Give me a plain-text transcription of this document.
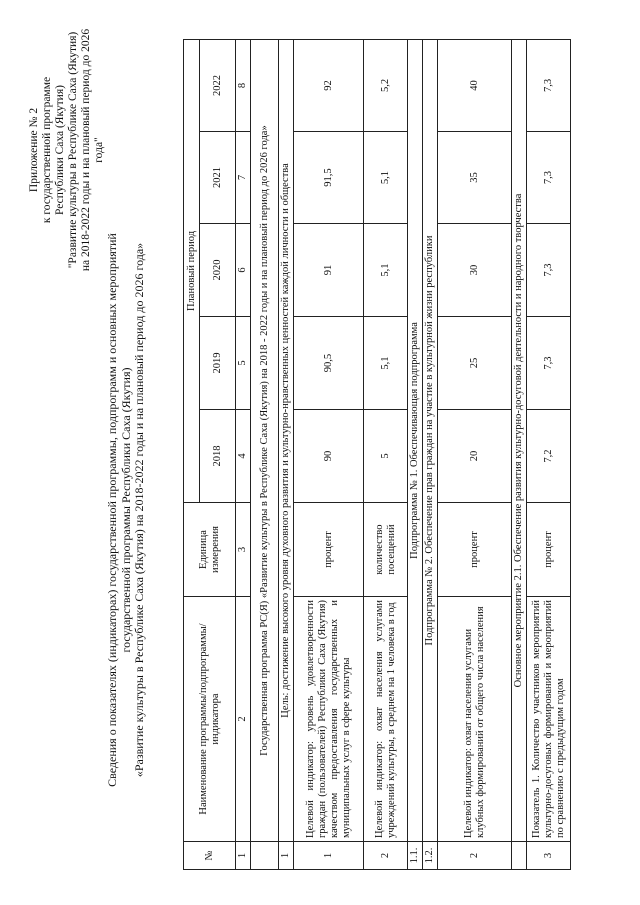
Приложение № 2 к государственной программе Республики Саха (Якутия) "Развитие культуры в Республике Саха (Якутия) на 2018-2022 годы и на плановый период до 2026 года"
Сведения о показателях (индикаторах) государственной программы, подпрограмм и основных мероприятий государственной программы Республики Саха (Якутия) «Развитие культуры в Республике Саха (Якутия) на 2018-2022 годы и на плановый период до 2026 года»
№	Наименование программы/подпрограммы/индикатора	Единица измерения	Плановый период				
			2018	2019	2020	2021	2022
1	2	3	4	5	6	7	8
	Государственная программа РС(Я) «Развитие культуры в Республике Саха (Якутия) на 2018 - 2022 годы и на плановый период до 2026 года»						
1	Цель: достижение высокого уровня духовного развития и культурно-нравственных ценностей каждой личности и общества						
1	Целевой индикатор: уровень удовлетворенности граждан (пользователей) Республики Саха (Якутия) качеством предоставления государственных и муниципальных услуг в сфере культуры	процент	90	90,5	91	91,5	92
2	Целевой индикатор: охват населения услугами учреждений культуры, в среднем на 1 человека в год	количество посещений	5	5,1	5,1	5,1	5,2
1.1.	Подпрограмма № 1. Обеспечивающая подпрограмма						
1.2.	Подпрограмма № 2. Обеспечение прав граждан на участие в культурной жизни республики						
2	Целевой индикатор: охват населения услугами клубных формирований от общего числа населения	процент	20	25	30	35	40
	Основное мероприятие 2.1. Обеспечение развития культурно-досуговой деятельности и народного творчества						
3	Показатель 1. Количество участников мероприятий культурно-досуговых формирований и мероприятий по сравнению с предыдущим годом	процент	7,2	7,3	7,3	7,3	7,3
